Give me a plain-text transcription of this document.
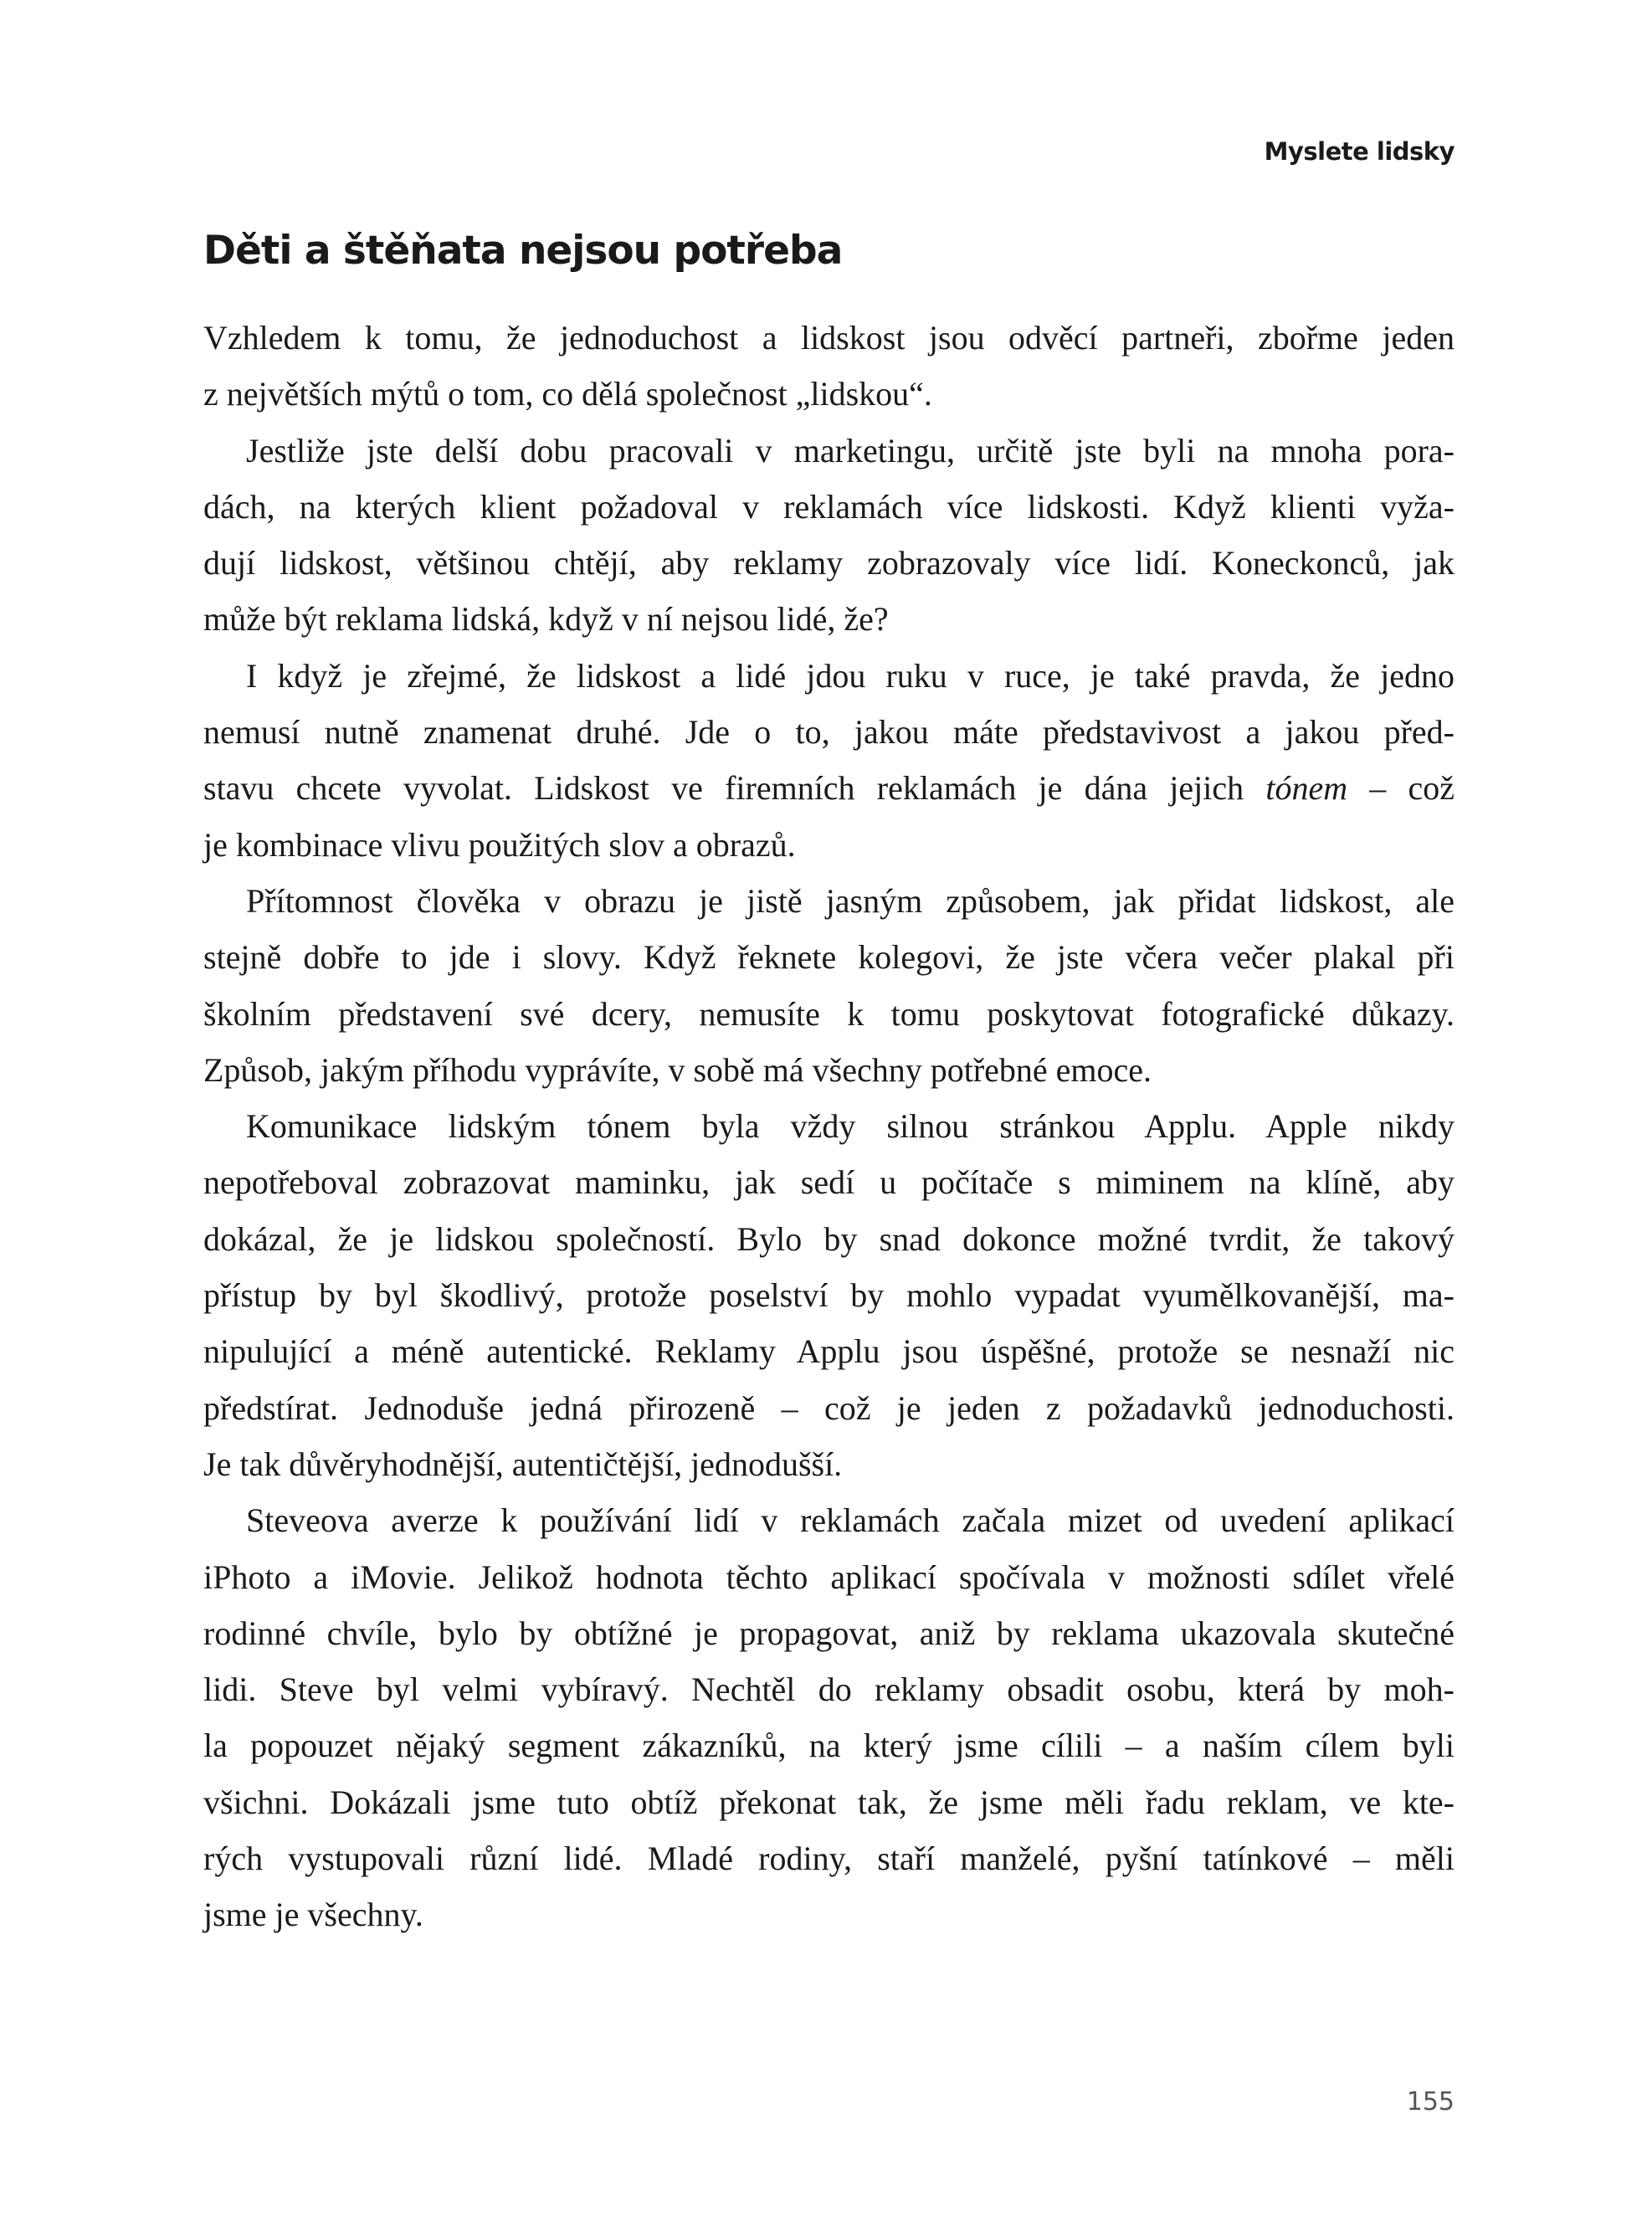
Myslete lidsky
Děti a štěňata nejsou potřeba
Vzhledem k tomu, že jednoduchost a lidskost jsou odvěcí partneři, zbořme jeden
z největších mýtů o tom, co dělá společnost „lidskou“.
Jestliže jste delší dobu pracovali v marketingu, určitě jste byli na mnoha pora-
dách, na kterých klient požadoval v reklamách více lidskosti. Když klienti vyža-
dují lidskost, většinou chtějí, aby reklamy zobrazovaly více lidí. Koneckonců, jak
může být reklama lidská, když v ní nejsou lidé, že?
I když je zřejmé, že lidskost a lidé jdou ruku v ruce, je také pravda, že jedno
nemusí nutně znamenat druhé. Jde o to, jakou máte představivost a jakou před-
stavu chcete vyvolat. Lidskost ve firemních reklamách je dána jejich tónem – což
je kombinace vlivu použitých slov a obrazů.
Přítomnost člověka v obrazu je jistě jasným způsobem, jak přidat lidskost, ale
stejně dobře to jde i slovy. Když řeknete kolegovi, že jste včera večer plakal při
školním představení své dcery, nemusíte k tomu poskytovat fotografické důkazy.
Způsob, jakým příhodu vyprávíte, v sobě má všechny potřebné emoce.
Komunikace lidským tónem byla vždy silnou stránkou Applu. Apple nikdy
nepotřeboval zobrazovat maminku, jak sedí u počítače s miminem na klíně, aby
dokázal, že je lidskou společností. Bylo by snad dokonce možné tvrdit, že takový
přístup by byl škodlivý, protože poselství by mohlo vypadat vyumělkovanější, ma-
nipulující a méně autentické. Reklamy Applu jsou úspěšné, protože se nesnaží nic
předstírat. Jednoduše jedná přirozeně – což je jeden z požadavků jednoduchosti.
Je tak důvěryhodnější, autentičtější, jednodušší.
Steveova averze k používání lidí v reklamách začala mizet od uvedení aplikací
iPhoto a iMovie. Jelikož hodnota těchto aplikací spočívala v možnosti sdílet vřelé
rodinné chvíle, bylo by obtížné je propagovat, aniž by reklama ukazovala skutečné
lidi. Steve byl velmi vybíravý. Nechtěl do reklamy obsadit osobu, která by moh-
la popouzet nějaký segment zákazníků, na který jsme cílili – a naším cílem byli
všichni. Dokázali jsme tuto obtíž překonat tak, že jsme měli řadu reklam, ve kte-
rých vystupovali různí lidé. Mladé rodiny, staří manželé, pyšní tatínkové – měli
jsme je všechny.
155
